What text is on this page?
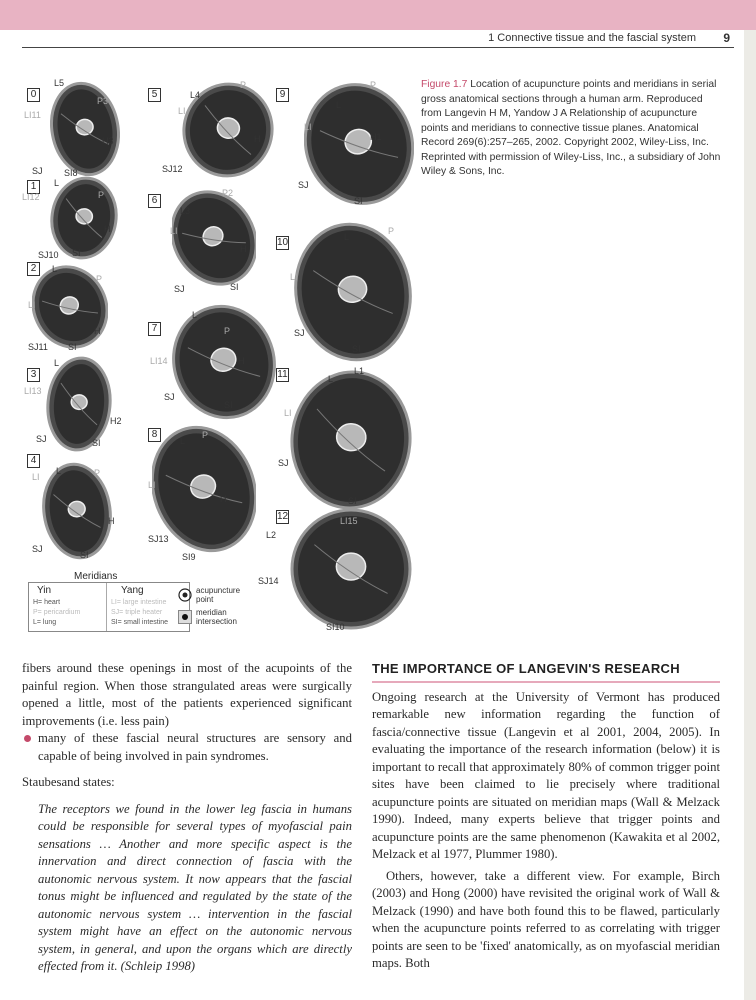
1 Connective tissue and the fascial system 9
0
L5
P3
LI11
H3
SJ SI8
1	L
P
LI12
H
SJ10 SI
2	L
P
LI
H
SJ11 SI
3
L
LI13
H2
SJ	SI
4
L	P
LI
H
SJ
SI
5	L4
P
LI
H
SJ12
6
P2
L3
LI
H
SJ	SI
7
L
P
LI14	H
SJ
SI
8
L
P
LI
H
SJ13
SI9
9
P
L
LI
H1
SJ
SI
10	L
P
LI
SJ
SI
11	L
L1
LI
SJ
SI
12	LI15
L2
SJ14
SI10
Meridians
Yin	Yang
H= heart
P= pericardium
L= lung
LI= large intestine
SJ= triple heater
SI= small intestine
acupuncture point
meridian intersection
Figure 1.7 Location of acupuncture points and meridians in serial gross anatomical sections through a human arm. Reproduced from Langevin H M, Yandow J A Relationship of acupuncture points and meridians to connective tissue planes. Anatomical Record 269(6):257–265, 2002. Copyright 2002, Wiley-Liss, Inc. Reprinted with permission of Wiley-Liss, Inc., a subsidiary of John Wiley & Sons, Inc.

fibers around these openings in most of the acupoints of the painful region. When those strangulated areas were surgically opened a little, most of the patients experienced significant improvements (i.e. less pain)

many of these fascial neural structures are sensory and capable of being involved in pain syndromes.

Staubesand states:

The receptors we found in the lower leg fascia in humans could be responsible for several types of myofascial pain sensations … Another and more specific aspect is the innervation and direct connection of fascia with the autonomic nervous system. It now appears that the fascial tonus might be influenced and regulated by the state of the autonomic nervous system … intervention in the fascial system might have an effect on the autonomic nervous system, in general, and upon the organs which are directly effected from it. (Schleip 1998)

THE IMPORTANCE OF LANGEVIN'S RESEARCH

Ongoing research at the University of Vermont has produced remarkable new information regarding the function of fascia/connective tissue (Langevin et al 2001, 2004, 2005). In evaluating the importance of the research information (below) it is important to recall that approximately 80% of common trigger point sites have been claimed to lie precisely where traditional acupuncture points are situated on meridian maps (Wall & Melzack 1990). Indeed, many experts believe that trigger points and acupuncture points are the same phenomenon (Kawakita et al 2002, Melzack et al 1977, Plummer 1980).

Others, however, take a different view. For example, Birch (2003) and Hong (2000) have revisited the original work of Wall & Melzack (1990) and have both found this to be flawed, particularly when the acupuncture points referred to as correlating with trigger points are seen to be 'fixed' anatomically, as on myofascial meridian maps. Both
